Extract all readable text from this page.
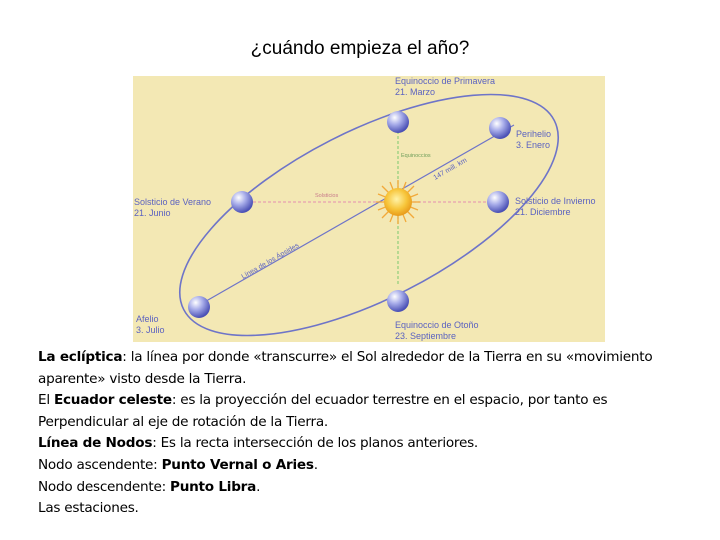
¿cuándo empieza el año?
Equinoccio de Primavera
21. Marzo
Perihelio
3. Enero
Solsticio de Invierno
21. Diciembre
Solsticio de Verano
21. Junio
Afelio
3. Julio	Equinoccio de Otoño
23. Septiembre
Equinoccios
Solsticios
147 mill. km
Línea de los Ápsides

La eclíptica: la línea por donde «transcurre» el Sol alrededor de la Tierra en su «movimiento aparente» visto desde la Tierra.

El Ecuador celeste: es la proyección del ecuador terrestre en el espacio, por tanto es Perpendicular al eje de rotación de la Tierra.

Línea de Nodos: Es la recta intersección de los planos anteriores.

Nodo ascendente: Punto Vernal o Aries.

Nodo descendente: Punto Libra.

Las estaciones.
